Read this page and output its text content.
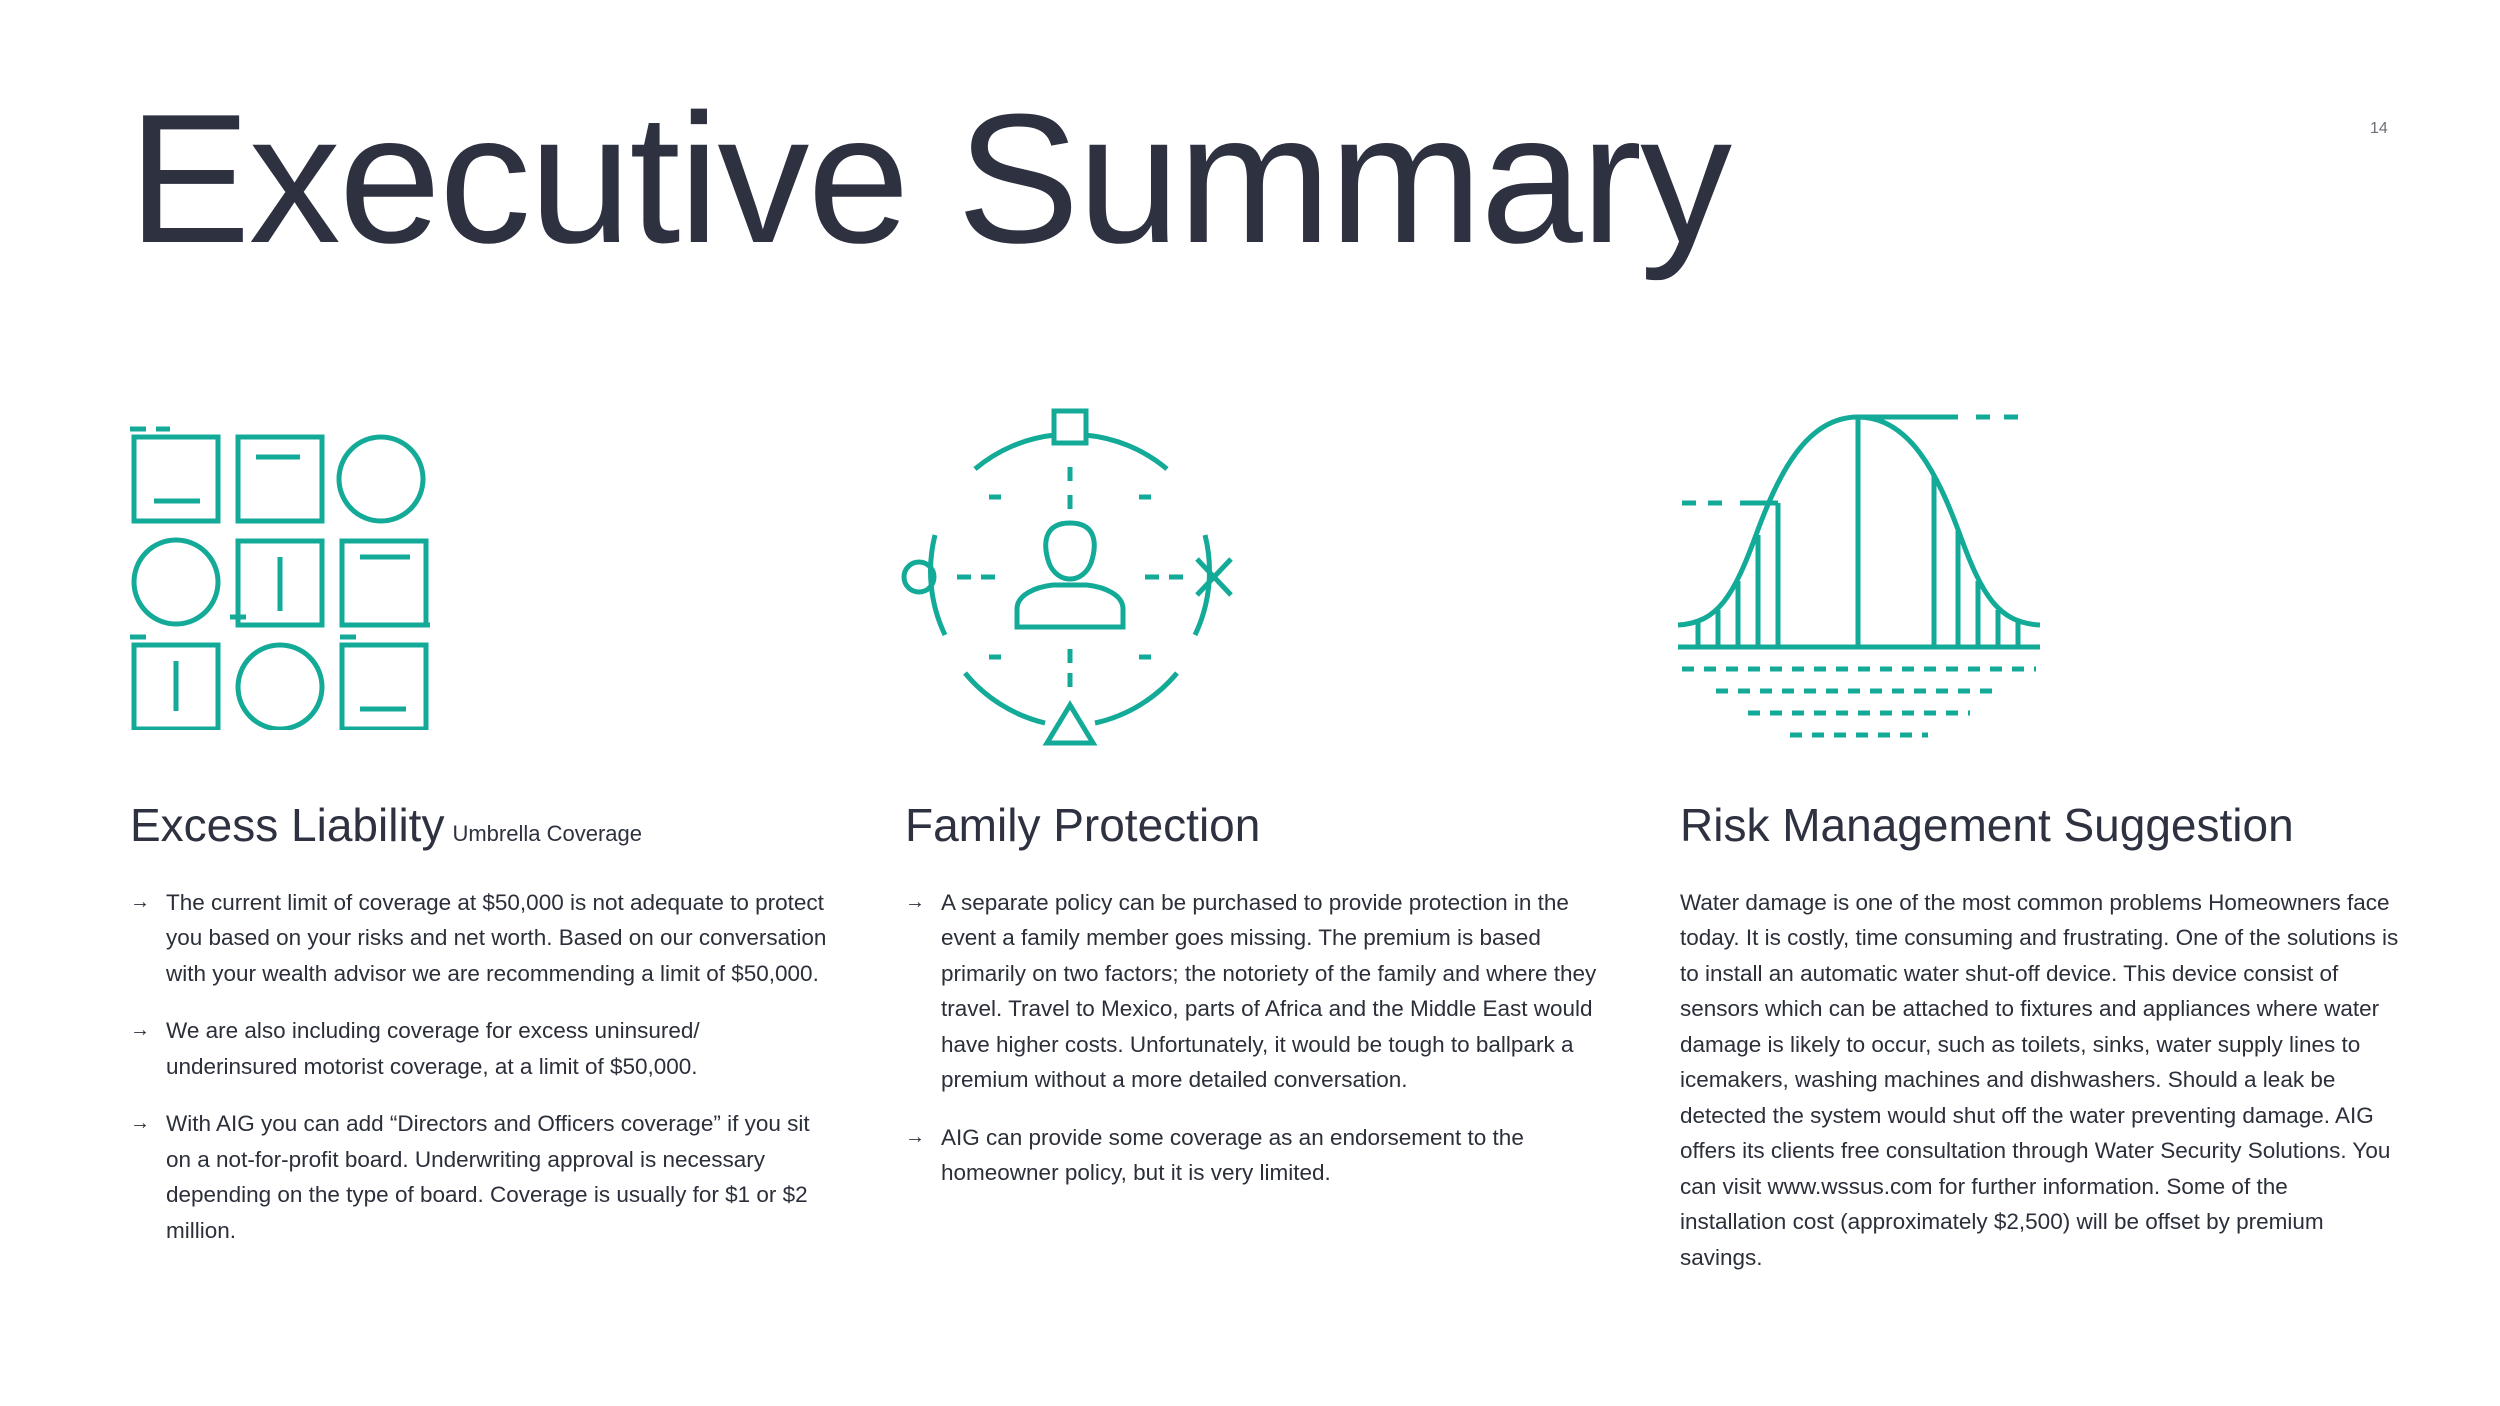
Executive Summary	14
Excess Liability Umbrella Coverage
→ The current limit of coverage at $50,000 is not adequate to protect you based on your risks and net worth. Based on our conversation with your wealth advisor we are recommending a limit of $50,000.
→ We are also including coverage for excess uninsured/ underinsured motorist coverage, at a limit of $50,000.
→ With AIG you can add “Directors and Officers coverage” if you sit on a not-for-profit board. Underwriting approval is necessary depending on the type of board. Coverage is usually for $1 or $2 million.
Family Protection
→ A separate policy can be purchased to provide protection in the event a family member goes missing. The premium is based primarily on two factors; the notoriety of the family and where they travel. Travel to Mexico, parts of Africa and the Middle East would have higher costs. Unfortunately, it would be tough to ballpark a premium without a more detailed conversation.
→ AIG can provide some coverage as an endorsement to the homeowner policy, but it is very limited.
Risk Management Suggestion

Water damage is one of the most common problems Homeowners face today. It is costly, time consuming and frustrating. One of the solutions is to install an automatic water shut-off device. This device consist of sensors which can be attached to fixtures and appliances where water damage is likely to occur, such as toilets, sinks, water supply lines to icemakers, washing machines and dishwashers. Should a leak be detected the system would shut off the water preventing damage. AIG offers its clients free consultation through Water Security Solutions. You can visit www.wssus.com for further information. Some of the installation cost (approximately $2,500) will be offset by premium savings.
